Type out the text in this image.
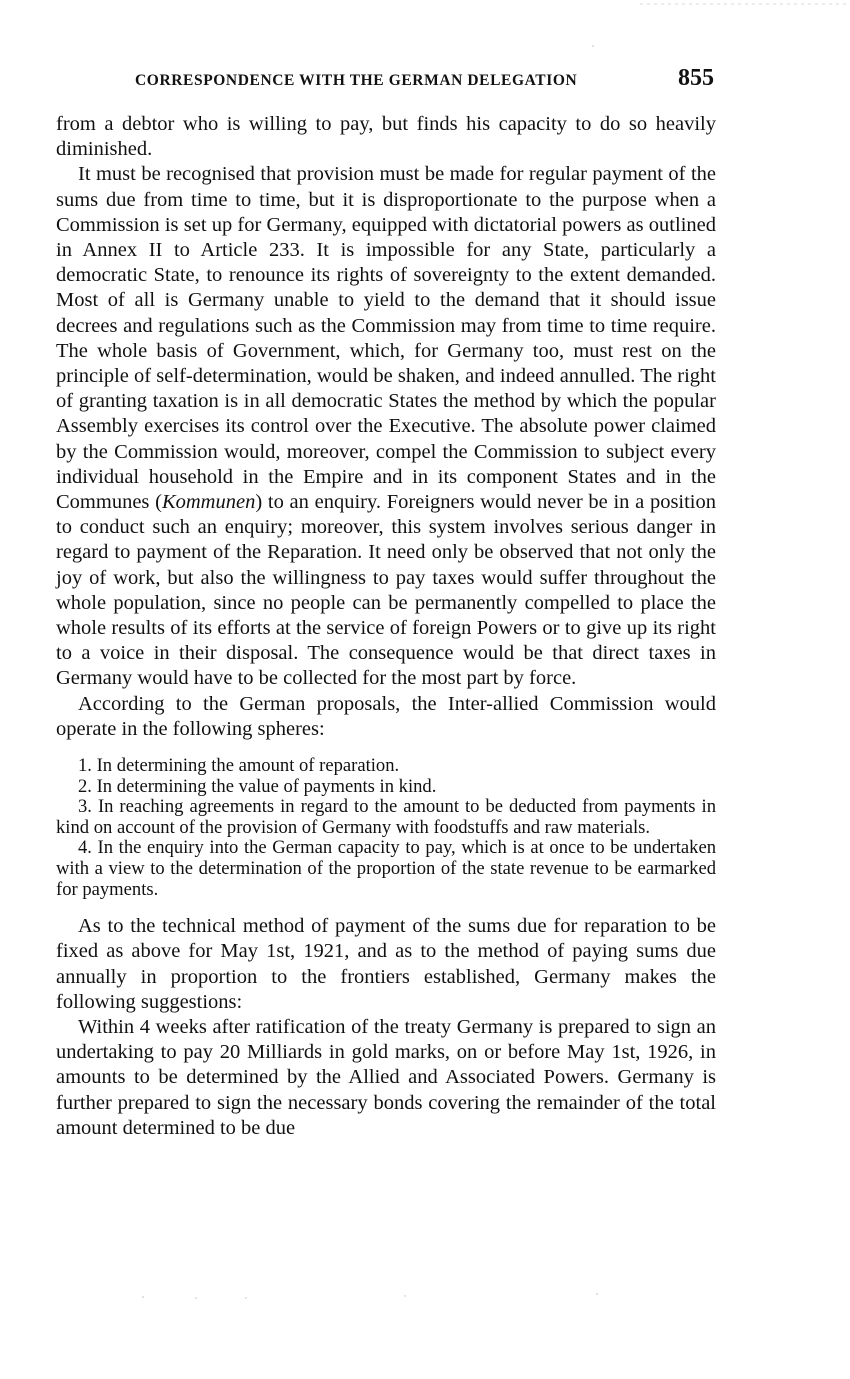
CORRESPONDENCE WITH THE GERMAN DELEGATION	855

from a debtor who is willing to pay, but finds his capacity to do so heavily diminished.

It must be recognised that provision must be made for regular payment of the sums due from time to time, but it is disproportionate to the purpose when a Commission is set up for Germany, equipped with dictatorial powers as outlined in Annex II to Article 233. It is impossible for any State, particularly a democratic State, to renounce its rights of sovereignty to the extent demanded. Most of all is Germany unable to yield to the demand that it should issue decrees and regulations such as the Commission may from time to time require. The whole basis of Government, which, for Germany too, must rest on the principle of self-determination, would be shaken, and indeed annulled. The right of granting taxation is in all democratic States the method by which the popular Assembly exercises its control over the Executive. The absolute power claimed by the Commission would, moreover, compel the Commission to subject every individual household in the Empire and in its component States and in the Communes (Kommunen) to an enquiry. Foreigners would never be in a position to conduct such an enquiry; moreover, this system involves serious danger in regard to payment of the Reparation. It need only be observed that not only the joy of work, but also the willingness to pay taxes would suffer throughout the whole population, since no people can be permanently compelled to place the whole results of its efforts at the service of foreign Powers or to give up its right to a voice in their disposal. The consequence would be that direct taxes in Germany would have to be collected for the most part by force.

According to the German proposals, the Inter-allied Commission would operate in the following spheres:

1. In determining the amount of reparation.
2. In determining the value of payments in kind.
3. In reaching agreements in regard to the amount to be deducted from payments in kind on account of the provision of Germany with foodstuffs and raw materials.
4. In the enquiry into the German capacity to pay, which is at once to be undertaken with a view to the determination of the proportion of the state revenue to be earmarked for payments.

As to the technical method of payment of the sums due for reparation to be fixed as above for May 1st, 1921, and as to the method of paying sums due annually in proportion to the frontiers established, Germany makes the following suggestions:

Within 4 weeks after ratification of the treaty Germany is prepared to sign an undertaking to pay 20 Milliards in gold marks, on or before May 1st, 1926, in amounts to be determined by the Allied and Associated Powers. Germany is further prepared to sign the necessary bonds covering the remainder of the total amount determined to be due
